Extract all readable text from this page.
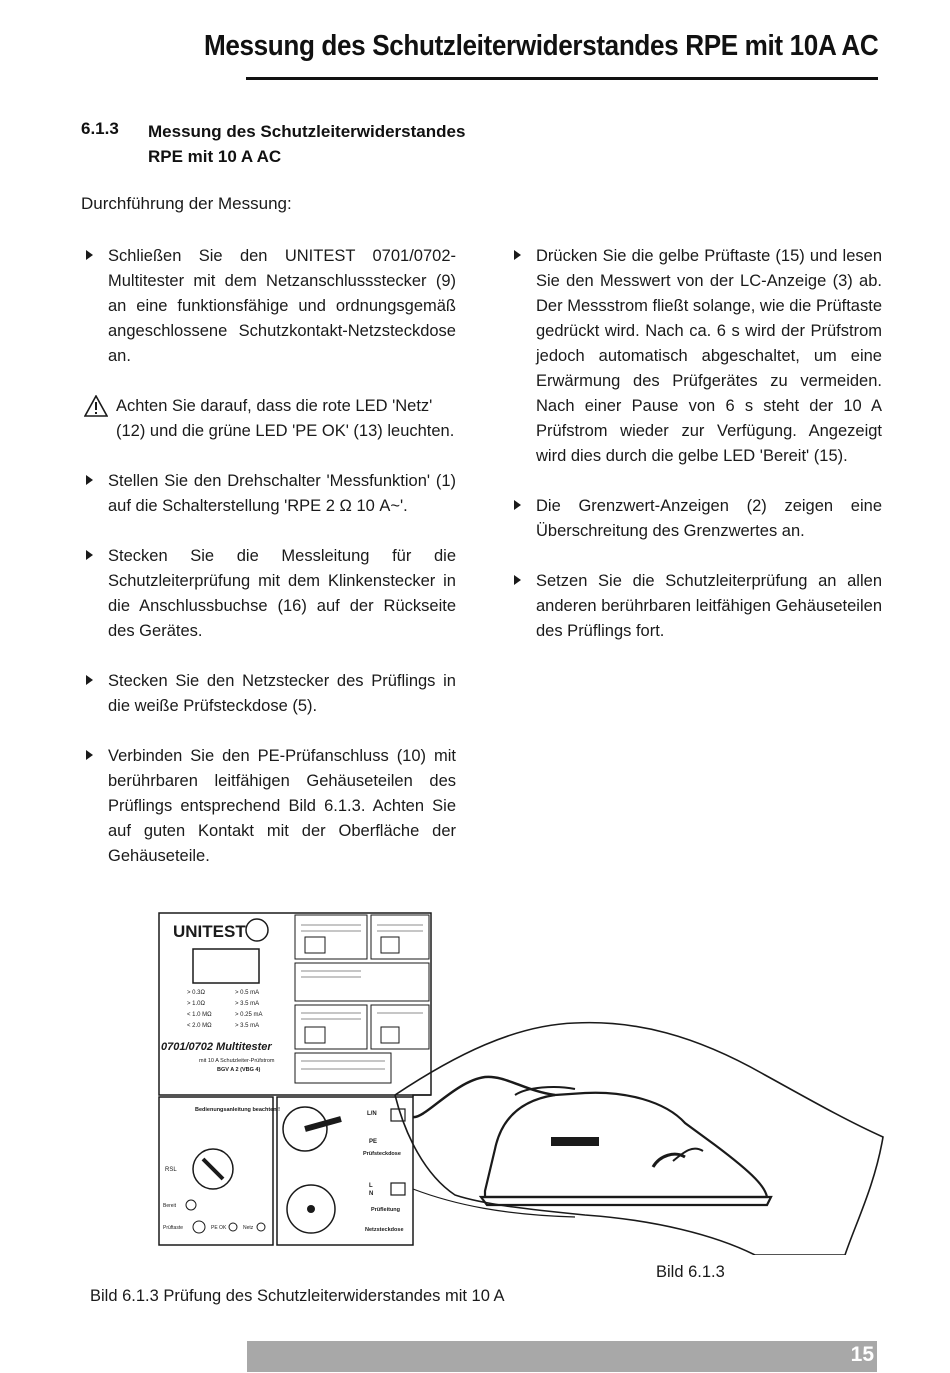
Messung des Schutzleiterwiderstandes RPE mit 10A AC
6.1.3 Messung des Schutzleiterwiderstandes
RPE mit 10 A AC
Durchführung der Messung:
Schließen Sie den UNITEST 0701/0702-Multitester mit dem Netzanschlussstecker (9) an eine funktionsfähige und ordnungsgemäß angeschlossene Schutzkontakt-Netzsteckdose an.
Achten Sie darauf, dass die rote LED 'Netz' (12) und die grüne LED 'PE OK' (13) leuchten.
Stellen Sie den Drehschalter 'Messfunktion' (1) auf die Schalterstellung 'RPE 2 Ω 10 A~'.
Stecken Sie die Messleitung für die Schutzleiterprüfung mit dem Klinkenstecker in die Anschlussbuchse (16) auf der Rückseite des Gerätes.
Stecken Sie den Netzstecker des Prüflings in die weiße Prüfsteckdose (5).
Verbinden Sie den PE-Prüfanschluss (10) mit berührbaren leitfähigen Gehäuseteilen des Prüflings entsprechend Bild 6.1.3. Achten Sie auf guten Kontakt mit der Oberfläche der Gehäuseteile.
Drücken Sie die gelbe Prüftaste (15) und lesen Sie den Messwert von der LC-Anzeige (3) ab. Der Messstrom fließt solange, wie die Prüftaste gedrückt wird. Nach ca. 6 s wird der Prüfstrom jedoch automatisch abgeschaltet, um eine Erwärmung des Prüfgerätes zu vermeiden. Nach einer Pause von 6 s steht der 10 A Prüfstrom wieder zur Verfügung. Angezeigt wird dies durch die gelbe LED 'Bereit' (15).
Die Grenzwert-Anzeigen (2) zeigen eine Überschreitung des Grenzwertes an.
Setzen Sie die Schutzleiterprüfung an allen anderen berührbaren leitfähigen Gehäuseteilen des Prüflings fort.
UNITEST
> 0.3Ω
> 1.0Ω
< 1.0 MΩ
< 2.0 MΩ
> 0.5 mA
> 3.5 mA
> 0.25 mA
> 3.5 mA
0701/0702 Multitester
mit 10 A Schutzleiter-Prüfstrom
BGV A 2 (VBG 4)
Bedienungsanleitung beachten !
RSL
Bereit
Prüftaste	PE OK	Netz
L/N
PE
Prüfsteckdose
L
N
Prüfleitung
Netzsteckdose
Bild 6.1.3
Bild 6.1.3 Prüfung des Schutzleiterwiderstandes mit 10 A
15
